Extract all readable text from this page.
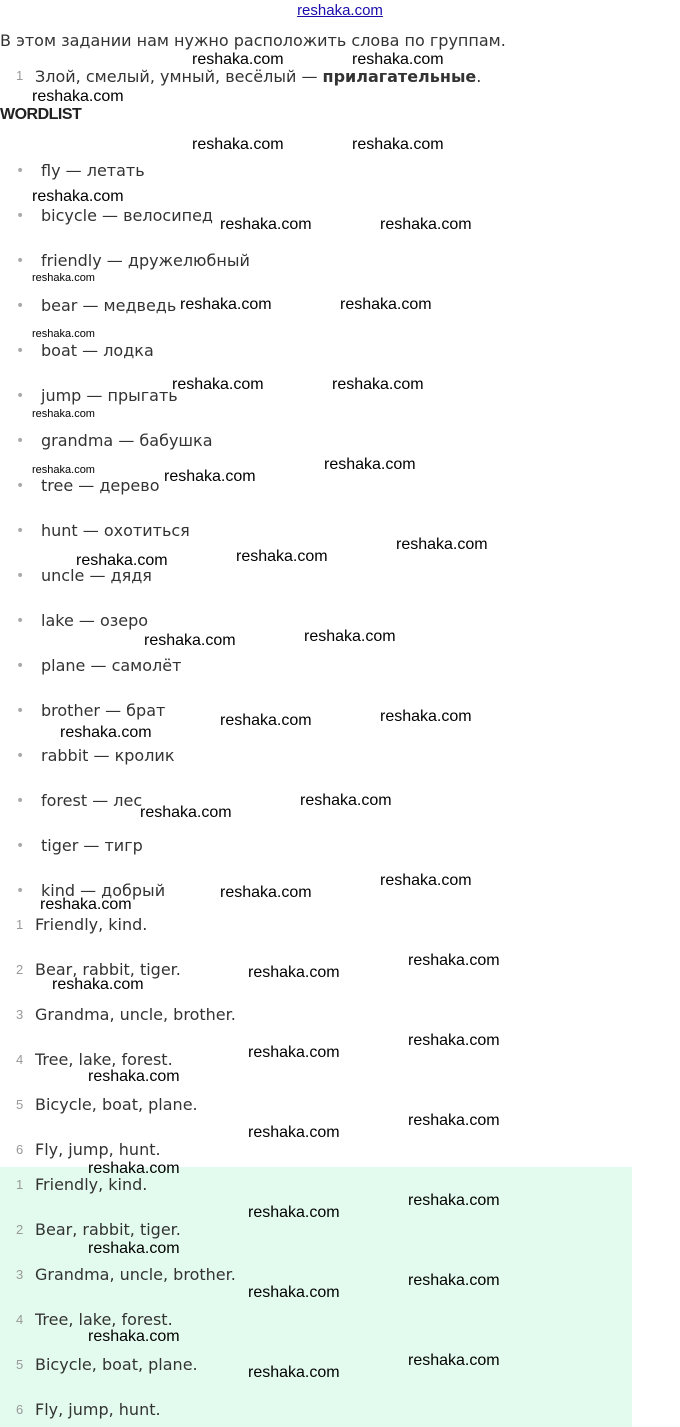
reshaka.com
В этом задании нам нужно расположить слова по группам.
1 Злой, смелый, умный, весёлый — прилагательные.
WORDLIST
• fly — летать
• bicycle — велосипед
• friendly — дружелюбный
• bear — медведь
• boat — лодка
• jump — прыгать
• grandma — бабушка
• tree — дерево
• hunt — охотиться
• uncle — дядя
• lake — озеро
• plane — самолёт
• brother — брат
• rabbit — кролик
• forest — лес
• tiger — тигр
• kind — добрый
1 Friendly, kind.
2 Bear, rabbit, tiger.
3 Grandma, uncle, brother.
4 Tree, lake, forest.
5 Bicycle, boat, plane.
6 Fly, jump, hunt.
1 Friendly, kind.
2 Bear, rabbit, tiger.
3 Grandma, uncle, brother.
4 Tree, lake, forest.
5 Bicycle, boat, plane.
6 Fly, jump, hunt.
reshaka.com	reshaka.com
reshaka.com
reshaka.com	reshaka.com
reshaka.com
reshaka.com	reshaka.com
reshaka.com
reshaka.com	reshaka.com
reshaka.com
reshaka.com	reshaka.com
reshaka.com
reshaka.com	reshaka.com
reshaka.com
reshaka.com
reshaka.com
reshaka.com
reshaka.com
reshaka.com
reshaka.com
reshaka.com
reshaka.com
reshaka.com
reshaka.com
reshaka.com
reshaka.com
reshaka.com
reshaka.com
reshaka.com
reshaka.com
reshaka.com
reshaka.com
reshaka.com
reshaka.com
reshaka.com
reshaka.com
reshaka.com
reshaka.com
reshaka.com
reshaka.com
reshaka.com
reshaka.com
reshaka.com
reshaka.com
